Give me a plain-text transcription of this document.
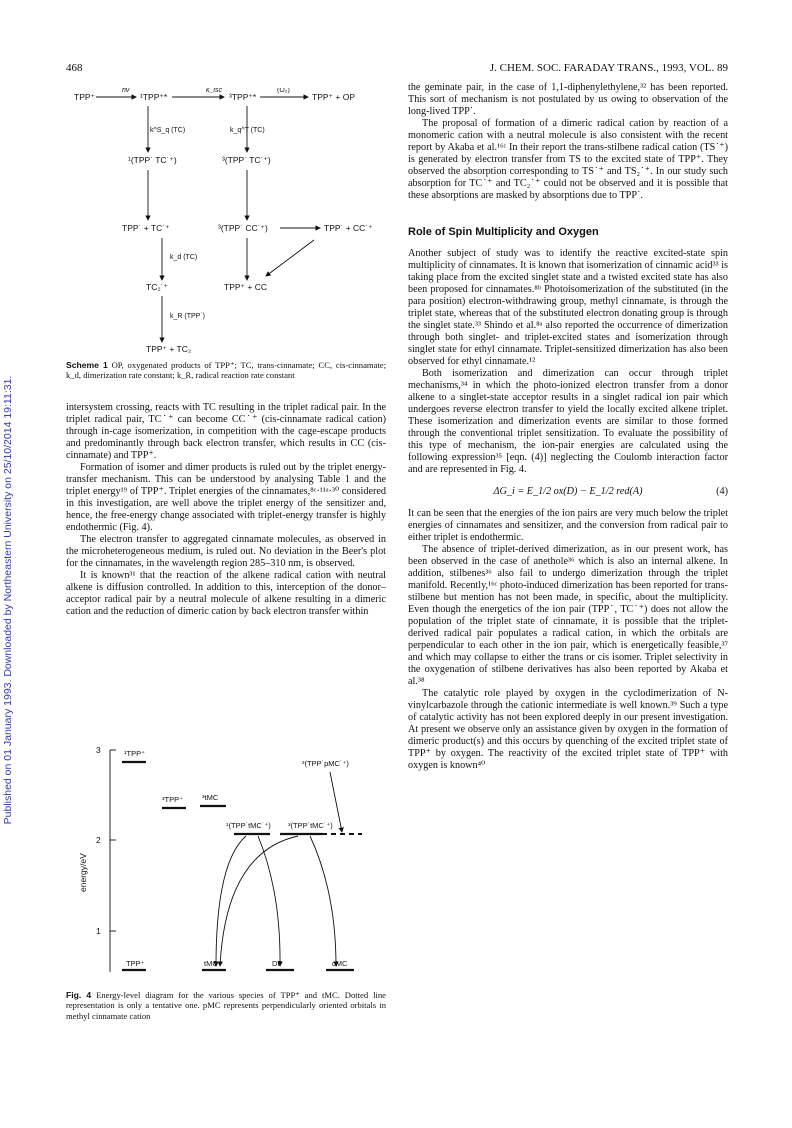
Published on 01 January 1993. Downloaded by Northeastern University on 25/10/2014 19:11:31.
468	J. CHEM. SOC. FARADAY TRANS., 1993, VOL. 89
TPP⁺
hν
¹TPP⁺*
k_isc
³TPP⁺*
(O₂)
TPP⁺ + OP
k^S_q (TC)	k_q^T (TC)
¹(TPP˙ TC˙⁺)	³(TPP˙ TC˙⁺)
TPP˙ + TC˙⁺	³(TPP˙ CC˙⁺)	TPP˙ + CC˙⁺
k_d (TC)
TC₂˙⁺	TPP⁺ + CC
k_R (TPP˙)
TPP⁺ + TC₂
Scheme 1 OP, oxygenated products of TPP⁺; TC, trans-cinnamate; CC, cis-cinnamate; k_d, dimerization rate constant; k_R, radical reaction rate constant

intersystem crossing, reacts with TC resulting in the triplet radical pair. In the triplet radical pair, TC˙⁺ can become CC˙⁺ (cis-cinnamate radical cation) through in-cage isomerization, in competition with the cage-escape products and predominantly through back electron transfer, which results in CC (cis-cinnamate) and TPP⁺.

Formation of isomer and dimer products is ruled out by the triplet energy-transfer mechanism. This can be understood by analysing Table 1 and the triplet energy¹⁹ of TPP⁺. Triplet energies of the cinnamates,⁸ᶜ·¹¹ᵃ·³⁰ considered in this investigation, are well above the triplet energy of the sensitizer and, hence, the free-energy change associated with triplet-energy transfer is highly endothermic (Fig. 4).

The electron transfer to aggregated cinnamate molecules, as observed in the microheterogeneous medium, is ruled out. No deviation in the Beer's plot for the cinnamates, in the wavelength region 285–310 nm, is observed.

It is known³¹ that the reaction of the alkene radical cation with neutral alkene is diffusion controlled. In addition to this, interception of the donor–acceptor radical pair by a neutral molecule of alkene resulting in a dimeric cation and the reduction of dimeric cation by back electron transfer within

3
2
1
energy/eV
¹TPP⁺
³(TPP˙pMC˙⁺)
³TPP⁺	³tMC
¹(TPP˙tMC˙⁺) ³(TPP˙tMC˙⁺)
TPP⁺	tMC	DP	cMC
Fig. 4 Energy-level diagram for the various species of TPP⁺ and tMC. Dotted line representation is only a tentative one. pMC represents perpendicularly oriented orbitals in methyl cinnamate cation

the geminate pair, in the case of 1,1-diphenylethylene,³² has been reported. This sort of mechanism is not postulated by us owing to observation of the long-lived TPP˙.

The proposal of formation of a dimeric radical cation by reaction of a monomeric cation with a neutral molecule is also consistent with the recent report by Akaba et al.¹⁶ᶜ In their report the trans-stilbene radical cation (TS˙⁺) is generated by electron transfer from TS to the excited state of TPP⁺. They observed the absorption corresponding to TS˙⁺ and TS₂˙⁺. In our study such absorption for TC˙⁺ and TC₂˙⁺ could not be observed and it is possible that these absorptions are masked by absorptions due to TPP˙.

Role of Spin Multiplicity and Oxygen

Another subject of study was to identify the reactive excited-state spin multiplicity of cinnamates. It is known that isomerization of cinnamic acid³³ is taking place from the excited singlet state and a twisted excited state has also been proposed for cinnamates.⁸ᵇ Photoisomerization of the substituted (in the para position) electron-withdrawing group, methyl cinnamate, is through the triplet state, whereas that of the substituted electron donating group is through the singlet state.³³ Shindo et al.⁸ᵃ also reported the occurrence of dimerization through both singlet- and triplet-excited states and isomerization through singlet state for ethyl cinnamate. Triplet-sensitized dimerization has also been observed for ethyl cinnamate.¹²

Both isomerization and dimerization can occur through triplet mechanisms,³⁴ in which the photo-ionized electron transfer from a donor alkene to a singlet-state acceptor results in a singlet radical ion pair which undergoes reverse electron transfer to yield the locally excited alkene triplet. These isomerization and dimerization events are similar to those formed through the conventional triplet sensitization. To evaluate the possibility of this type of mechanism, the ion-pair energies are calculated using the following expression³⁵ [eqn. (4)] neglecting the Coulomb interaction factor and are represented in Fig. 4.

ΔG_i = E_1/2 ox(D) − E_1/2 red(A)	(4)

It can be seen that the energies of the ion pairs are very much below the triplet energies of cinnamates and sensitizer, and the conversion from radical pair to either triplet is endothermic.

The absence of triplet-derived dimerization, as in our present work, has been observed in the case of anethole³⁶ which is also an internal alkene. In addition, stilbenes³⁶ also fail to undergo dimerization through the triplet manifold. Recently,¹⁶ᶜ photo-induced dimerization has been reported for trans-stilbene but mention has not been made, in specific, about the multiplicity. Even though the energetics of the ion pair (TPP˙, TC˙⁺) does not allow the population of the triplet state of cinnamate, it is possible that the triplet-derived radical pair populates a radical cation, in which the orbitals are perpendicular to each other in the ion pair, which is energetically feasible,³⁷ and which may collapse to either the trans or cis isomer. Triplet selectivity in the oxygenation of stilbene derivatives has also been reported by Akaba et al.³⁸

The catalytic role played by oxygen in the cyclodimerization of N-vinylcarbazole through the cationic intermediate is well known.³⁹ Such a type of catalytic activity has not been explored deeply in our present investigation. At present we observe only an assistance given by oxygen in the formation of dimeric product(s) and this occurs by quenching of the excited triplet state of TPP⁺ by oxygen. The reactivity of the excited triplet state of TPP⁺ with oxygen is known⁴⁰
